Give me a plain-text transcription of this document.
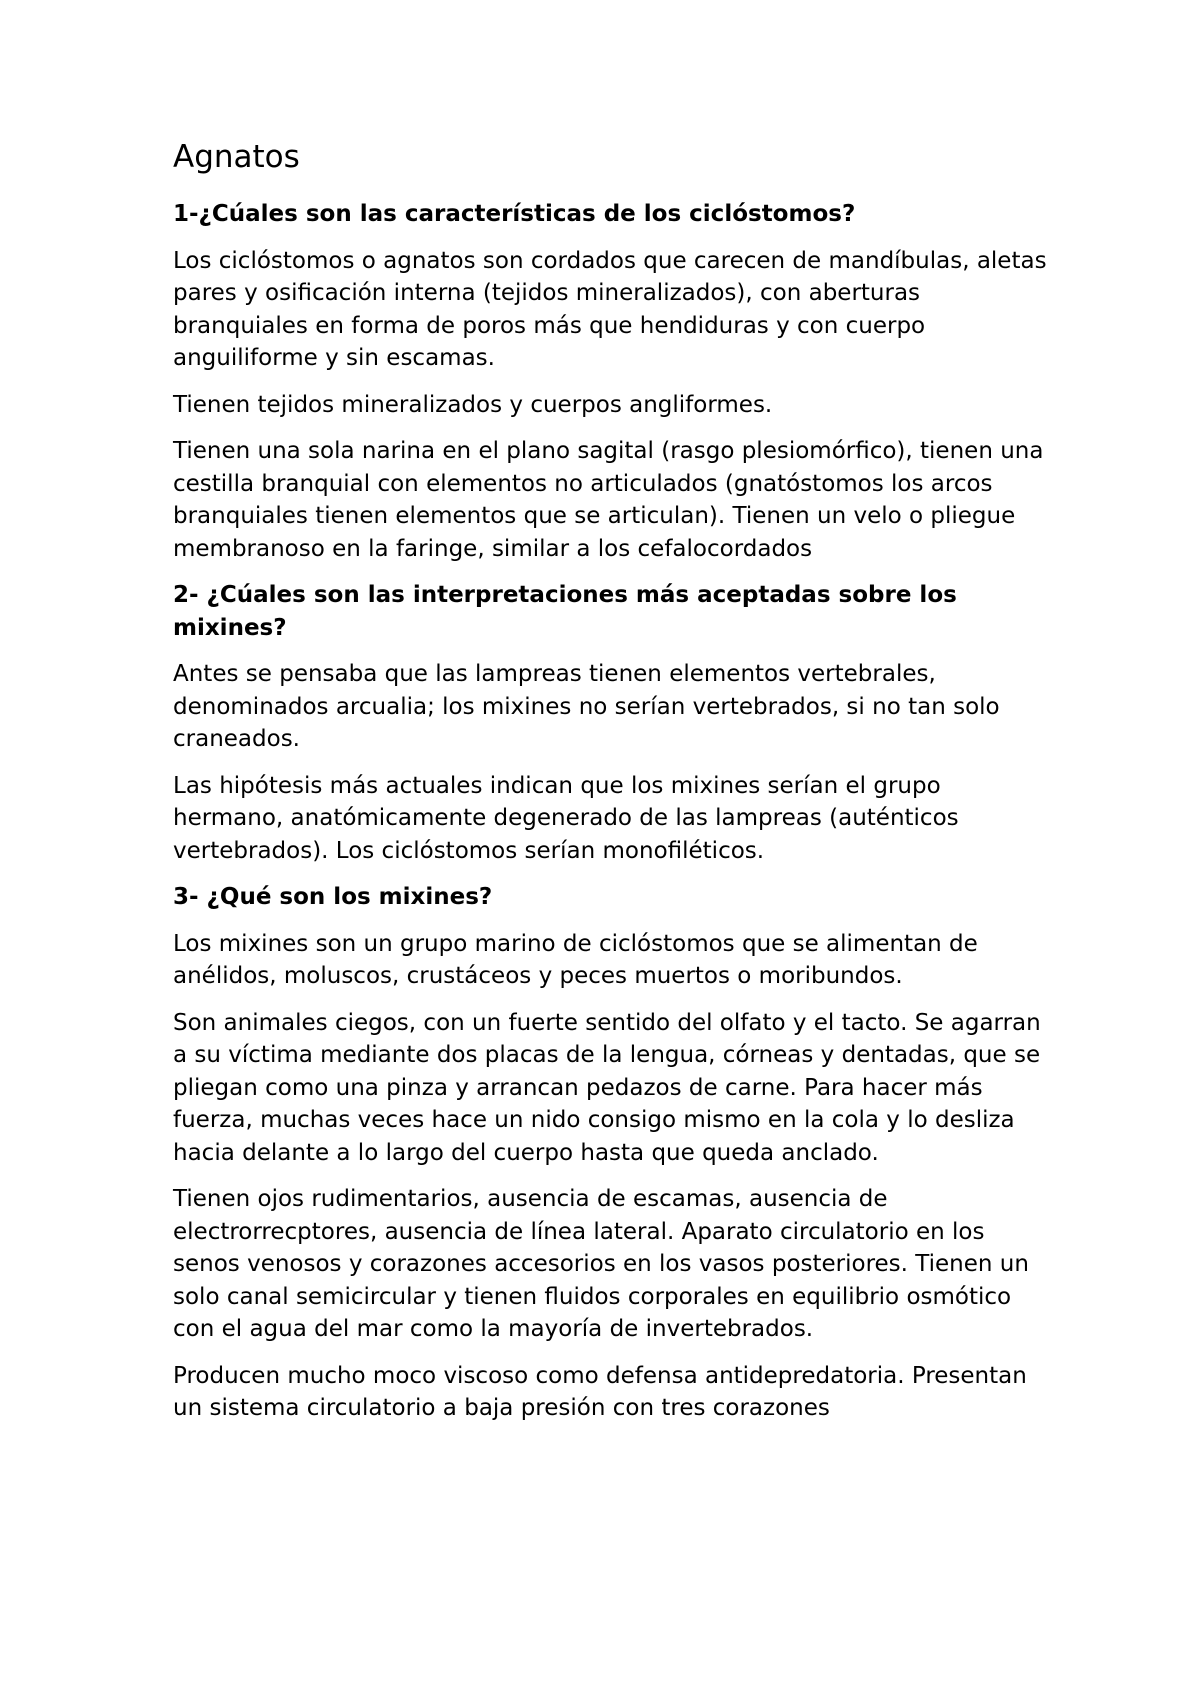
Agnatos

1-¿Cúales son las características de los ciclóstomos?

Los ciclóstomos o agnatos son cordados que carecen de mandíbulas, aletas pares y osificación interna (tejidos mineralizados), con aberturas branquiales en forma de poros más que hendiduras y con cuerpo anguiliforme y sin escamas.

Tienen tejidos mineralizados y cuerpos angliformes.

Tienen una sola narina en el plano sagital (rasgo plesiomórfico), tienen una cestilla branquial con elementos no articulados (gnatóstomos los arcos branquiales tienen elementos que se articulan). Tienen un velo o pliegue membranoso en la faringe, similar a los cefalocordados

2- ¿Cúales son las interpretaciones más aceptadas sobre los mixines?

Antes se pensaba que las lampreas tienen elementos vertebrales, denominados arcualia; los mixines no serían vertebrados, si no tan solo craneados.

Las hipótesis más actuales indican que los mixines serían el grupo hermano, anatómicamente degenerado de las lampreas (auténticos vertebrados). Los ciclóstomos serían monofiléticos.

3- ¿Qué son los mixines?

Los mixines son un grupo marino de ciclóstomos que se alimentan de anélidos, moluscos, crustáceos y peces muertos o moribundos.

Son animales ciegos, con un fuerte sentido del olfato y el tacto. Se agarran a su víctima mediante dos placas de la lengua, córneas y dentadas, que se pliegan como una pinza y arrancan pedazos de carne. Para hacer más fuerza, muchas veces hace un nido consigo mismo en la cola y lo desliza hacia delante a lo largo del cuerpo hasta que queda anclado.

Tienen ojos rudimentarios, ausencia de escamas, ausencia de electrorrecptores, ausencia de línea lateral. Aparato circulatorio en los senos venosos y corazones accesorios en los vasos posteriores. Tienen un solo canal semicircular y tienen fluidos corporales en equilibrio osmótico con el agua del mar como la mayoría de invertebrados.

Producen mucho moco viscoso como defensa antidepredatoria. Presentan un sistema circulatorio a baja presión con tres corazones
